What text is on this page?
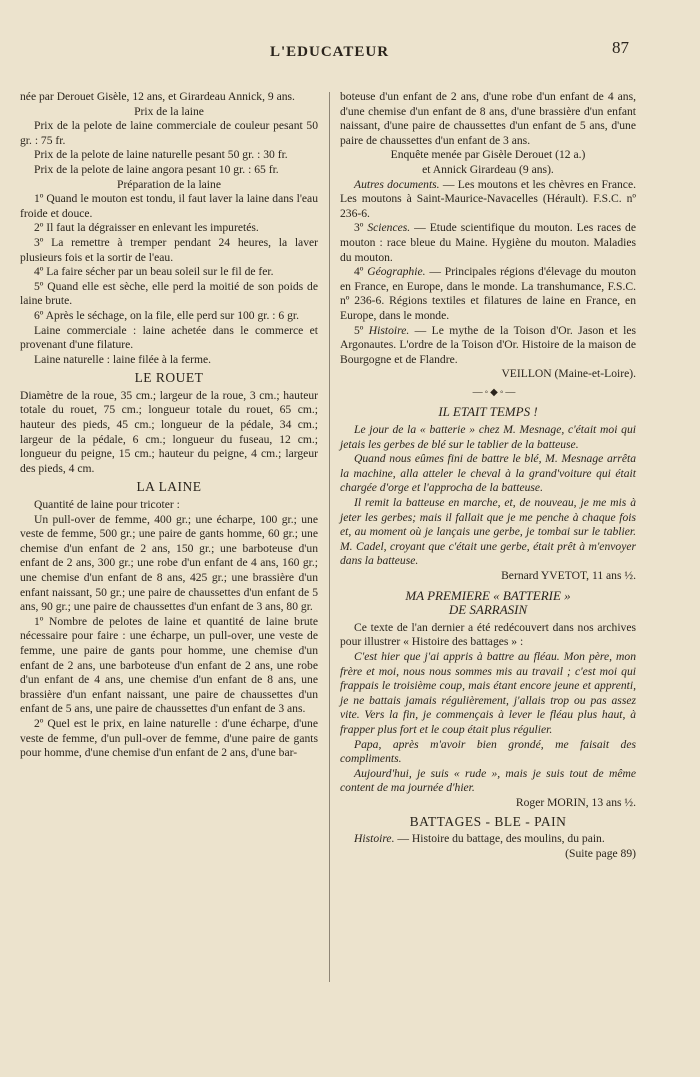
L'EDUCATEUR	87

née par Derouet Gisèle, 12 ans, et Girardeau Annick, 9 ans.

Prix de la laine

Prix de la pelote de laine commerciale de couleur pesant 50 gr. : 75 fr.

Prix de la pelote de laine naturelle pesant 50 gr. : 30 fr.

Prix de la pelote de laine angora pesant 10 gr. : 65 fr.

Préparation de la laine

1º Quand le mouton est tondu, il faut laver la laine dans l'eau froide et douce.

2º Il faut la dégraisser en enlevant les impuretés.

3º La remettre à tremper pendant 24 heures, la laver plusieurs fois et la sortir de l'eau.

4º La faire sécher par un beau soleil sur le fil de fer.

5º Quand elle est sèche, elle perd la moitié de son poids de laine brute.

6º Après le séchage, on la file, elle perd sur 100 gr. : 6 gr.

Laine commerciale : laine achetée dans le commerce et provenant d'une filature.

Laine naturelle : laine filée à la ferme.

LE ROUET

Diamètre de la roue, 35 cm.; largeur de la roue, 3 cm.; hauteur totale du rouet, 75 cm.; longueur totale du rouet, 65 cm.; hauteur des pieds, 45 cm.; longueur de la pédale, 34 cm.; largeur de la pédale, 6 cm.; longueur du fuseau, 12 cm.; longueur du peigne, 15 cm.; hauteur du peigne, 4 cm.; largeur des pieds, 4 cm.

LA LAINE

Quantité de laine pour tricoter :

Un pull-over de femme, 400 gr.; une écharpe, 100 gr.; une veste de femme, 500 gr.; une paire de gants homme, 60 gr.; une chemise d'un enfant de 2 ans, 150 gr.; une barboteuse d'un enfant de 2 ans, 300 gr.; une robe d'un enfant de 4 ans, 160 gr.; une chemise d'un enfant de 8 ans, 425 gr.; une brassière d'un enfant naissant, 50 gr.; une paire de chaussettes d'un enfant de 5 ans, 90 gr.; une paire de chaussettes d'un enfant de 3 ans, 80 gr.

1º Nombre de pelotes de laine et quantité de laine brute nécessaire pour faire : une écharpe, un pull-over, une veste de femme, une paire de gants pour homme, une chemise d'un enfant de 2 ans, une barboteuse d'un enfant de 2 ans, une robe d'un enfant de 4 ans, une chemise d'un enfant de 8 ans, une brassière d'un enfant naissant, une paire de chaussettes d'un enfant de 5 ans, une paire de chaussettes d'un enfant de 3 ans.

2º Quel est le prix, en laine naturelle : d'une écharpe, d'une veste de femme, d'un pull-over de femme, d'une paire de gants pour homme, d'une chemise d'un enfant de 2 ans, d'une bar-

boteuse d'un enfant de 2 ans, d'une robe d'un enfant de 4 ans, d'une chemise d'un enfant de 8 ans, d'une brassière d'un enfant naissant, d'une paire de chaussettes d'un enfant de 5 ans, d'une paire de chaussettes d'un enfant de 3 ans.

Enquête menée par Gisèle Derouet (12 a.)

et Annick Girardeau (9 ans).

Autres documents. — Les moutons et les chèvres en France. Les moutons à Saint-Maurice-Navacelles (Hérault). F.S.C. nº 236-6.

3º Sciences. — Etude scientifique du mouton. Les races de mouton : race bleue du Maine. Hygiène du mouton. Maladies du mouton.

4º Géographie. — Principales régions d'élevage du mouton en France, en Europe, dans le monde. La transhumance, F.S.C. nº 236-6. Régions textiles et filatures de laine en France, en Europe, dans le monde.

5º Histoire. — Le mythe de la Toison d'Or. Jason et les Argonautes. L'ordre de la Toison d'Or. Histoire de la maison de Bourgogne et de Flandre.

VEILLON (Maine-et-Loire).

—◦◆◦—

IL ETAIT TEMPS !

Le jour de la « batterie » chez M. Mesnage, c'était moi qui jetais les gerbes de blé sur le tablier de la batteuse.

Quand nous eûmes fini de battre le blé, M. Mesnage arrêta la machine, alla atteler le cheval à la grand'voiture qui était chargée d'orge et l'approcha de la batteuse.

Il remit la batteuse en marche, et, de nouveau, je me mis à jeter les gerbes; mais il fallait que je me penche à chaque fois et, au moment où je lançais une gerbe, je tombai sur le tablier. M. Cadel, croyant que c'était une gerbe, était prêt à m'envoyer dans la batteuse.

Bernard YVETOT, 11 ans ½.

MA PREMIERE « BATTERIE »

DE SARRASIN

Ce texte de l'an dernier a été redécouvert dans nos archives pour illustrer « Histoire des battages » :

C'est hier que j'ai appris à battre au fléau. Mon père, mon frère et moi, nous nous sommes mis au travail ; c'est moi qui frappais le troisième coup, mais étant encore jeune et apprenti, je ne battais jamais régulièrement, j'allais trop ou pas assez vite. Vers la fin, je commençais à lever le fléau plus haut, à frapper plus fort et le coup était plus régulier.

Papa, après m'avoir bien grondé, me faisait des compliments.

Aujourd'hui, je suis « rude », mais je suis tout de même content de ma journée d'hier.

Roger MORIN, 13 ans ½.

BATTAGES - BLE - PAIN

Histoire. — Histoire du battage, des moulins, du pain.

(Suite page 89)
